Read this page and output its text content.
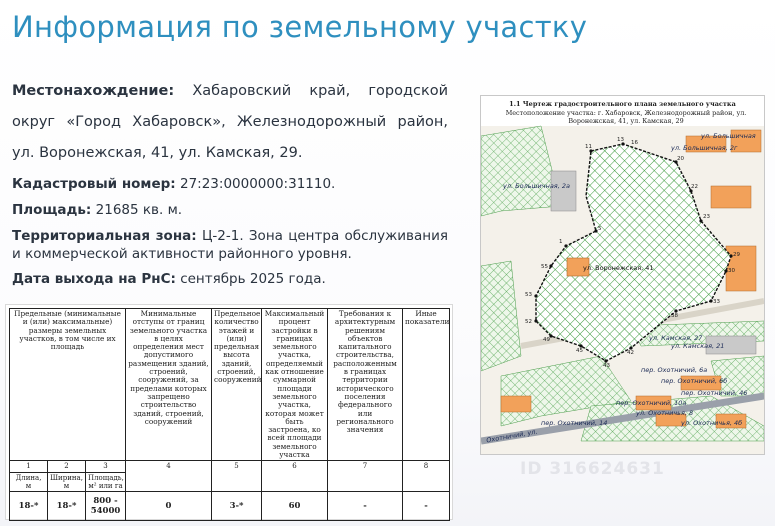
Информация по земельному участку
Местонахождение: Хабаровский край, городской округ «Город Хабаровск», Железнодорожный район, ул. Воронежская, 41, ул. Камская, 29.
Кадастровый номер: 27:23:0000000:31110.
Площадь: 21685 кв. м.
Территориальная зона: Ц-2-1. Зона центра обслуживания и коммерческой активности районного уровня.
Дата выхода на РнС: сентябрь 2025 года.
Предельные (минимальные и (или) максимальные) размеры земельных участков, в том числе их площадь			Минимальные отступы от границ земельного участка в целях определения мест допустимого размещения зданий, строений, сооружений, за пределами которых запрещено строительство зданий, строений, сооружений	Предельное количество этажей и (или) предельная высота зданий, строений, сооружений	Максимальный процент застройки в границах земельного участка, определяемый как отношение суммарной площади земельного участка, которая может быть застроена, ко всей площади земельного участка	Требования к архитектурным решениям объектов капитального строительства, расположенным в границах территории исторического поселения федерального или регионального значения	Иные показатели
1	2	3	4	5	6	7	8
Длина, м	Ширина, м	Площадь, м² или га					
18-*	18-*	800 - 54000	0	3-*	60	-	-
1.1 Чертеж градостроительного плана земельного участка
Местоположение участка: г. Хабаровск, Железнодорожный район, ул. Воронежская, 41, ул. Камская, 29
ул. Большичная, 2г
ул. Большичная, 2а
ул. Воронежская, 41
ул. Камская, 27
ул. Камская, 21
пер. Охотничий, 6а
пер. Охотничий, 6б
пер. Охотничий, 46
пер. Охотничий, 10а
ул. Охотничья, 8
пер. Охотничий, 14	ул. Охотничья, 4б
Охотничий, ул.
ул. Большичная
11
13 16
20
22
23
29
30
33
38
42
43
45
49
52
53
55
1
5
ID 316624631
